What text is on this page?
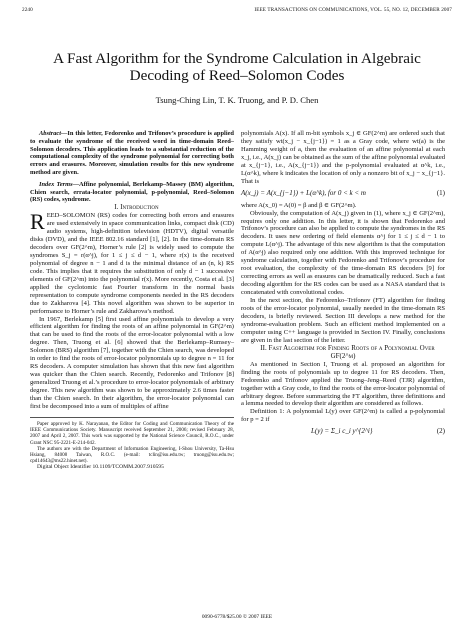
2240	IEEE TRANSACTIONS ON COMMUNICATIONS, VOL. 55, NO. 12, DECEMBER 2007
A Fast Algorithm for the Syndrome Calculation in Algebraic Decoding of Reed–Solomon Codes
Tsung-Ching Lin, T. K. Truong, and P. D. Chen

Abstract—In this letter, Fedorenko and Trifonov’s procedure is applied to evaluate the syndrome of the received word in time-domain Reed–Solomon decoders. This application leads to a substantial reduction of the computational complexity of the syndrome polynomial for correcting both errors and erasures. Moreover, simulation results for this new syndrome method are given.

Index Terms—Affine polynomial, Berlekamp–Massey (BM) algorithm, Chien search, errata-locator polynomial, p-polynomial, Reed–Solomon (RS) codes, syndrome.

I. Introduction

REED–SOLOMON (RS) codes for correcting both errors and erasures are used extensively in space communication links, compact disk (CD) audio systems, high-definition television (HDTV), digital versatile disks (DVD), and the IEEE 802.16 standard [1], [2]. In the time-domain RS decoders over GF(2^m), Horner’s rule [2] is widely used to compute the syndromes S_j = r(α^j), for 1 ≤ j ≤ d − 1, where r(x) is the received polynomial of degree n − 1 and d is the minimal distance of an (n, k) RS code. This implies that it requires the substitution of only d − 1 successive elements of GF(2^m) into the polynomial r(x). More recently, Costa et al. [3] applied the cyclotomic fast Fourier transform in the normal basis representation to compute syndrome components needed in the RS decoders due to Zakharova [4]. This novel algorithm was shown to be superior in performance to Horner’s rule and Zakharova’s method.

In 1967, Berlekamp [5] first used affine polynomials to develop a very efficient algorithm for finding the roots of an affine polynomial in GF(2^m) that can be used to find the roots of the error-locator polynomial with a low degree. Then, Truong et al. [6] showed that the Berlekamp–Rumsey–Solomon (BRS) algorithm [7], together with the Chien search, was developed in order to find the roots of error-locator polynomials up to degree n = 11 for RS decoders. A computer simulation has shown that this new fast algorithm was quicker than the Chien search. Recently, Fedorenko and Trifonov [8] generalized Truong et al.’s procedure to error-locator polynomials of arbitrary degree. This new algorithm was shown to be approximately 2.6 times faster than the Chien search. In their algorithm, the error-locator polynomial can first be decomposed into a sum of multiples of affine

Paper approved by K. Narayanan, the Editor for Coding and Communication Theory of the IEEE Communications Society. Manuscript received September 21, 2006; revised February 28, 2007 and April 2, 2007. This work was supported by the National Science Council, R.O.C., under Grant NSC 95-2221-E-214-042.

The authors are with the Department of Information Engineering, I-Shou University, Ta-Hsu Hsiang, 84008 Taiwan, R.O.C. (e-mail: tclin@isu.edu.tw; truong@isu.edu.tw; cpd14643@ms22.hinet.net).

Digital Object Identifier 10.1109/TCOMM.2007.910595

polynomials A(x). If all m-bit symbols x_j ∈ GF(2^m) are ordered such that they satisfy wt(x_j − x_{j−1}) = 1 as a Gray code, where wt(a) is the Hamming weight of a, then the evaluation of an affine polynomial at each x_j, i.e., A(x_j) can be obtained as the sum of the affine polynomial evaluated at x_{j−1}, i.e., A(x_{j−1}) and the p-polynomial evaluated at α^k, i.e., L(α^k), where k indicates the location of only a nonzero bit of x_j − x_{j−1}. That is

A(x_j) = A(x_{j−1}) + L(α^k), for 0 < k < m	(1)

where A(x_0) = A(0) = β and β ∈ GF(2^m).

Obviously, the computation of A(x_j) given in (1), where x_j ∈ GF(2^m), requires only one addition. In this letter, it is shown that Fedorenko and Trifonov’s procedure can also be applied to compute the syndromes in the RS decoders. It uses new ordering of field elements α^j for 1 ≤ j ≤ d − 1 to compute L(α^j). The advantage of this new algorithm is that the computation of A(α^j) also required only one addition. With this improved technique for syndrome calculation, together with Fedorenko and Trifonov’s procedure for root evaluation, the complexity of the time-domain RS decoders [9] for correcting errors as well as erasures can be dramatically reduced. Such a fast decoding algorithm for the RS codes can be used as a NASA standard that is concatenated with convolutional codes.

In the next section, the Fedorenko–Trifonov (FT) algorithm for finding roots of the error-locator polynomial, usually needed in the time-domain RS decoders, is briefly reviewed. Section III develops a new method for the syndrome-evaluation problem. Such an efficient method implemented on a computer using C++ language is provided in Section IV. Finally, conclusions are given in the last section of the letter.

II. Fast Algorithm for Finding Roots of a Polynomial Over GF(2^m)

As mentioned in Section I, Truong et al. proposed an algorithm for finding the roots of polynomials up to degree 11 for RS decoders. Then, Fedorenko and Trifonov applied the Truong–Jeng–Reed (TJR) algorithm, together with a Gray code, to find the roots of the error-locator polynomial of arbitrary degree. Before summarizing the FT algorithm, three definitions and a lemma needed to develop their algorithm are considered as follows.

Definition 1: A polynomial L(y) over GF(2^m) is called a p-polynomial for p = 2 if

L(y) = Σ_i c_i y^{2^i}	(2)
0090-6778/$25.00 © 2007 IEEE
